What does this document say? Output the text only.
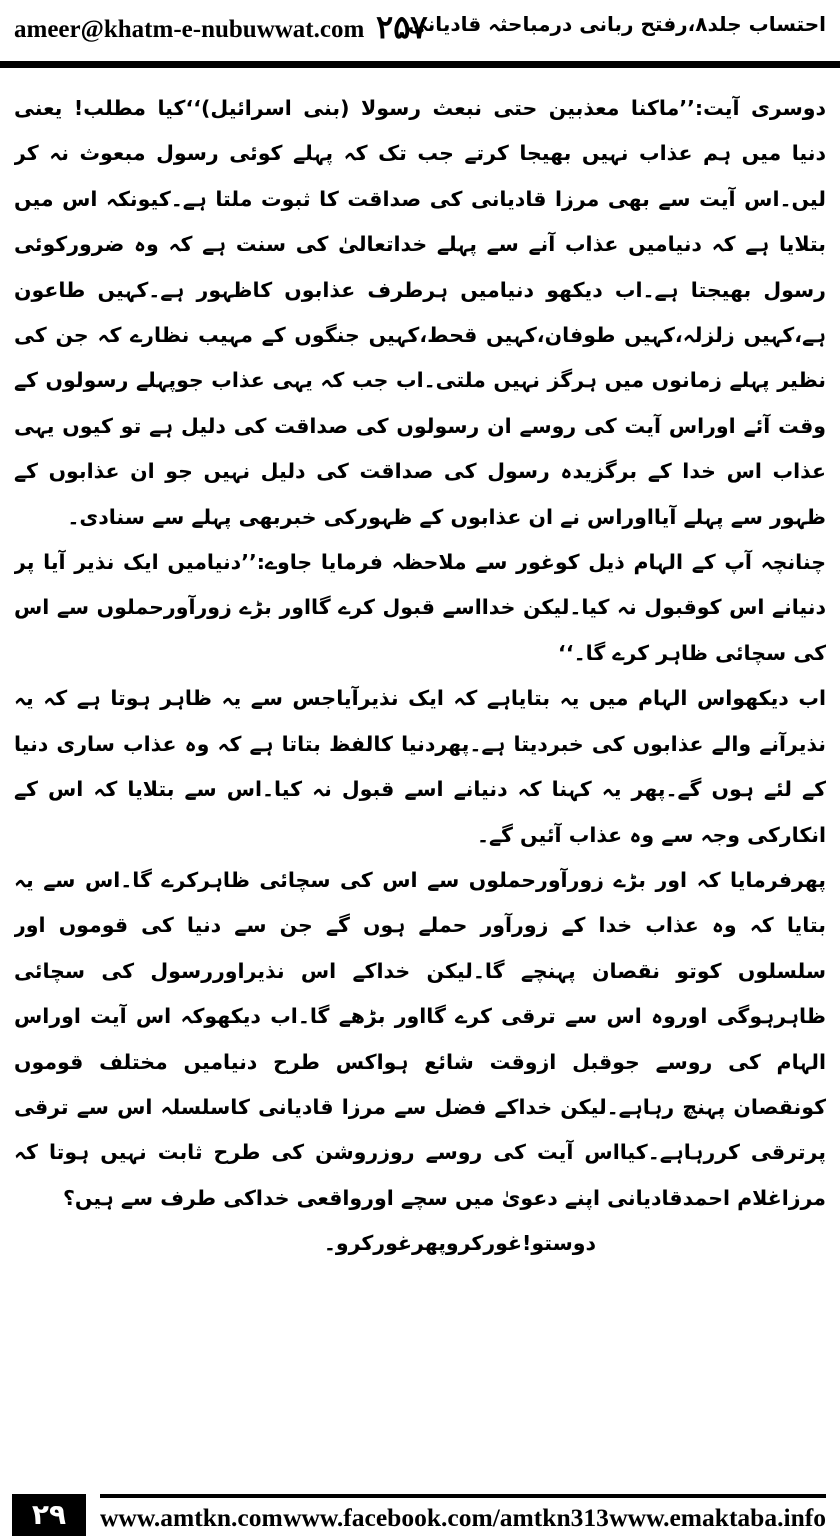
ameer@khatm-e-nubuwwat.com ۲۵۷
احتساب جلد۸،رفتح ربانی درمباحثہ قادیانی

دوسری آیت:’’ماکنا معذبین حتی نبعث رسولا (بنی اسرائیل)‘‘کیا مطلب! یعنی دنیا میں ہم عذاب نہیں بھیجا کرتے جب تک کہ پہلے کوئی رسول مبعوث نہ کر لیں۔اس آیت سے بھی مرزا قادیانی کی صداقت کا ثبوت ملتا ہے۔کیونکہ اس میں بتلایا ہے کہ دنیامیں عذاب آنے سے پہلے خداتعالیٰ کی سنت ہے کہ وہ ضرورکوئی رسول بھیجتا ہے۔اب دیکھو دنیامیں ہرطرف عذابوں کاظہور ہے۔کہیں طاعون ہے،کہیں زلزلہ،کہیں طوفان،کہیں قحط،کہیں جنگوں کے مہیب نظارے کہ جن کی نظیر پہلے زمانوں میں ہرگز نہیں ملتی۔اب جب کہ یہی عذاب جوپہلے رسولوں کے وقت آئے اوراس آیت کی روسے ان رسولوں کی صداقت کی دلیل ہے تو کیوں یہی عذاب اس خدا کے برگزیدہ رسول کی صداقت کی دلیل نہیں جو ان عذابوں کے ظہور سے پہلے آیااوراس نے ان عذابوں کے ظہورکی خبربھی پہلے سے سنادی۔

چنانچہ آپ کے الہام ذیل کوغور سے ملاحظہ فرمایا جاوے:’’دنیامیں ایک نذیر آیا پر دنیانے اس کوقبول نہ کیا۔لیکن خدااسے قبول کرے گااور بڑے زورآورحملوں سے اس کی سچائی ظاہر کرے گا۔‘‘

اب دیکھواس الہام میں یہ بتایاہے کہ ایک نذیرآیاجس سے یہ ظاہر ہوتا ہے کہ یہ نذیرآنے والے عذابوں کی خبردیتا ہے۔پھردنیا کالفظ بتاتا ہے کہ وہ عذاب ساری دنیا کے لئے ہوں گے۔پھر یہ کہنا کہ دنیانے اسے قبول نہ کیا۔اس سے بتلایا کہ اس کے انکارکی وجہ سے وہ عذاب آئیں گے۔

پھرفرمایا کہ اور بڑے زورآورحملوں سے اس کی سچائی ظاہرکرے گا۔اس سے یہ بتایا کہ وہ عذاب خدا کے زورآور حملے ہوں گے جن سے دنیا کی قوموں اور سلسلوں کوتو نقصان پہنچے گا۔لیکن خداکے اس نذیراوررسول کی سچائی ظاہرہوگی اوروہ اس سے ترقی کرے گااور بڑھے گا۔اب دیکھوکہ اس آیت اوراس الہام کی روسے جوقبل ازوقت شائع ہواکس طرح دنیامیں مختلف قوموں کونقصان پہنچ رہاہے۔لیکن خداکے فضل سے مرزا قادیانی کاسلسلہ اس سے ترقی پرترقی کررہاہے۔کیااس آیت کی روسے روزروشن کی طرح ثابت نہیں ہوتا کہ مرزاغلام احمدقادیانی اپنے دعویٰ میں سچے اورواقعی خداکی طرف سے ہیں؟

دوستو!غورکروپھرغورکرو۔

۲۹	www.amtkn.com www.facebook.com/amtkn313 www.emaktaba.info
